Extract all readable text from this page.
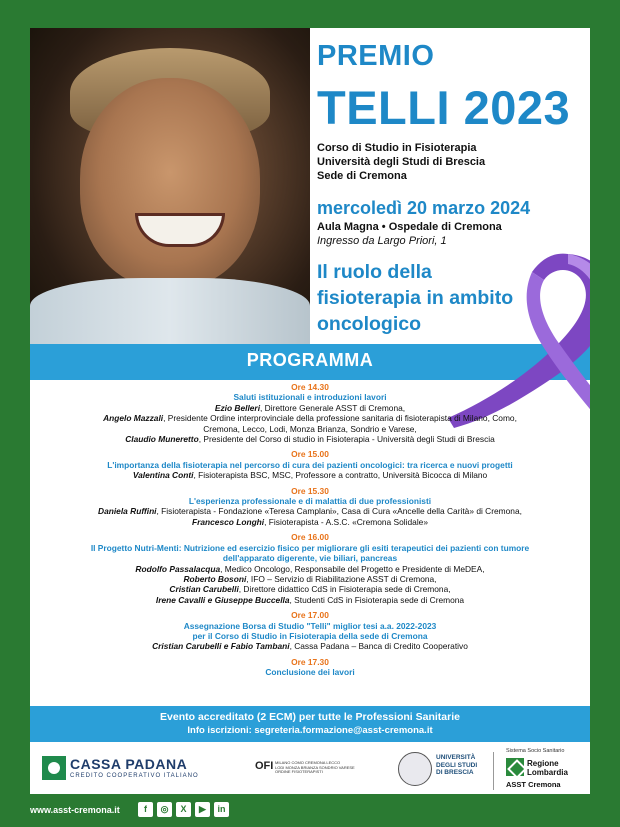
PREMIO
TELLI 2023
Corso di Studio in Fisioterapia
Università degli Studi di Brescia
Sede di Cremona
mercoledì 20 marzo 2024
Aula Magna • Ospedale di Cremona
Ingresso da Largo Priori, 1
Il ruolo della
fisioterapia in ambito
oncologico
PROGRAMMA
Ore 14.30
Saluti istituzionali e introduzioni lavori
Ezio Belleri, Direttore Generale ASST di Cremona,
Angelo Mazzali, Presidente Ordine interprovinciale della professione sanitaria di fisioterapista di Milano, Como,
Cremona, Lecco, Lodi, Monza Brianza, Sondrio e Varese,
Claudio Muneretto, Presidente del Corso di studio in Fisioterapia - Università degli Studi di Brescia
Ore 15.00
L'importanza della fisioterapia nel percorso di cura dei pazienti oncologici: tra ricerca e nuovi progetti
Valentina Conti, Fisioterapista BSC, MSC, Professore a contratto, Università Bicocca di Milano
Ore 15.30
L'esperienza professionale e di malattia di due professionisti
Daniela Ruffini, Fisioterapista - Fondazione «Teresa Camplani», Casa di Cura «Ancelle della Carità» di Cremona,
Francesco Longhi, Fisioterapista - A.S.C. «Cremona Solidale»
Ore 16.00
Il Progetto Nutri-Menti: Nutrizione ed esercizio fisico per migliorare gli esiti terapeutici dei pazienti con tumore
dell'apparato digerente, vie biliari, pancreas
Rodolfo Passalacqua, Medico Oncologo, Responsabile del Progetto e Presidente di MeDEA,
Roberto Bosoni, IFO – Servizio di Riabilitazione ASST di Cremona,
Cristian Carubelli, Direttore didattico CdS in Fisioterapia sede di Cremona,
Irene Cavalli e Giuseppe Buccella, Studenti CdS in Fisioterapia sede di Cremona
Ore 17.00
Assegnazione Borsa di Studio "Telli" miglior tesi a.a. 2022-2023
per il Corso di Studio in Fisioterapia della sede di Cremona
Cristian Carubelli e Fabio Tambani, Cassa Padana – Banca di Credito Cooperativo
Ore 17.30
Conclusione dei lavori
Evento accreditato (2 ECM) per tutte le Professioni Sanitarie
Info iscrizioni: segreteria.formazione@asst-cremona.it
CASSA PADANA
CREDITO COOPERATIVO ITALIANO
OFI MILANO COMO CREMONA LECCO
LODI MONZA BRIANZA SONDRIO VARESE
ORDINE FISIOTERAPISTI
UNIVERSITÀ
DEGLI STUDI
DI BRESCIA
Sistema Socio Sanitario
Regione
Lombardia
ASST Cremona
www.asst-cremona.it	f	◎	X	▶	in
